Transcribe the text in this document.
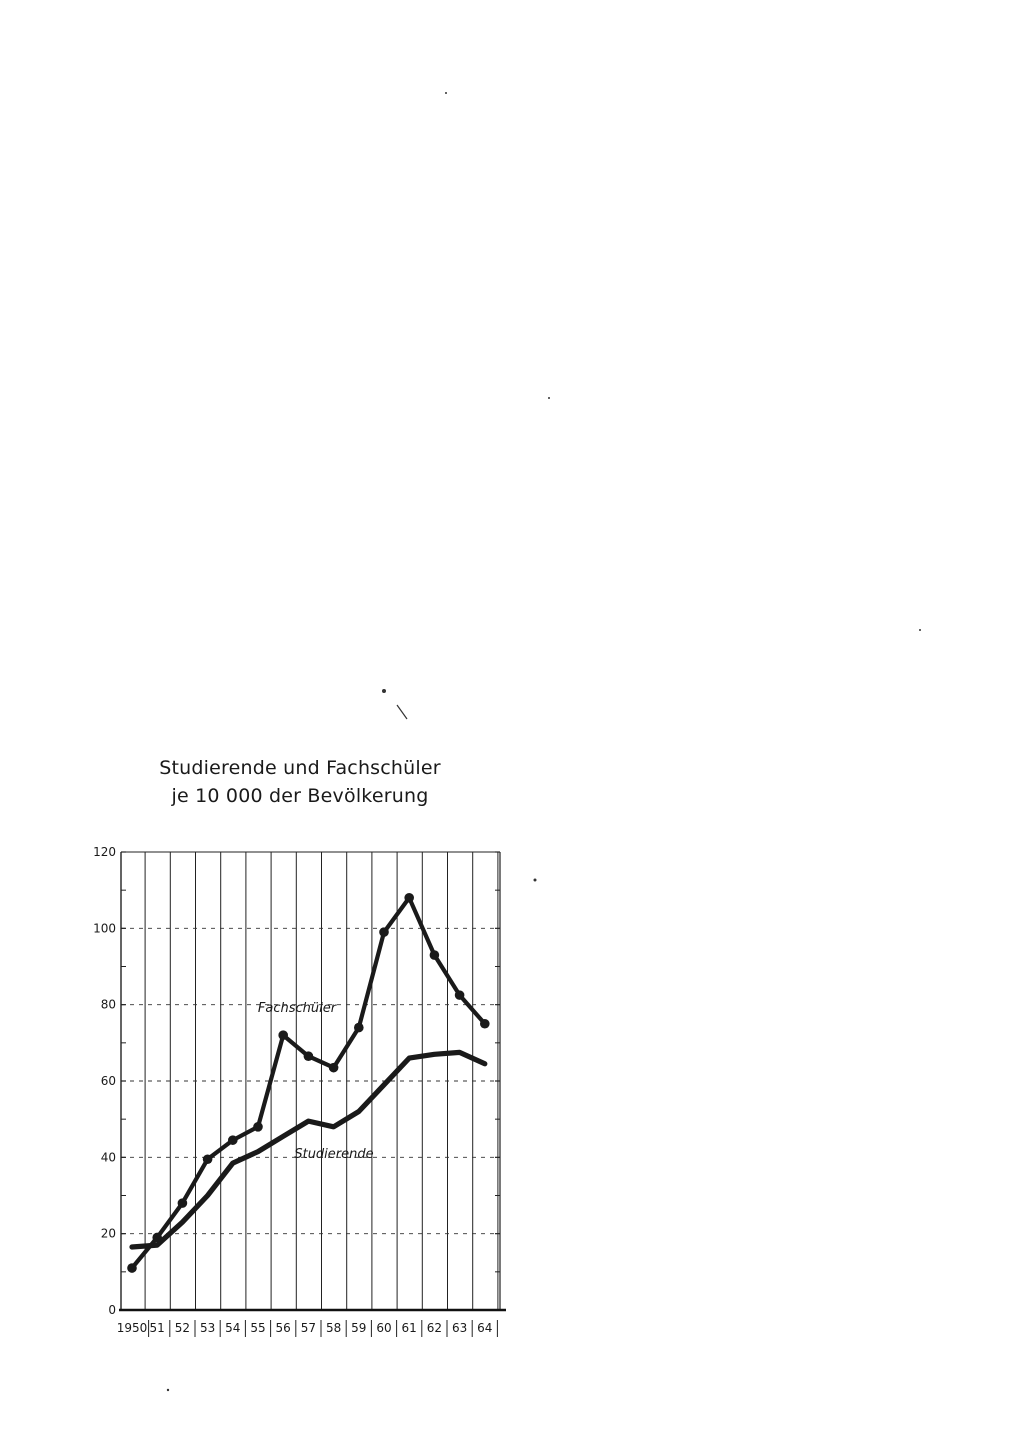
Studierende und Fachschüler
je 10 000 der Bevölkerung
0
20
40
60
80
100
120
1950 51 52 53 54 55 56 57 58 59 60 61 62 63 64
Fachschüler
Studierende
